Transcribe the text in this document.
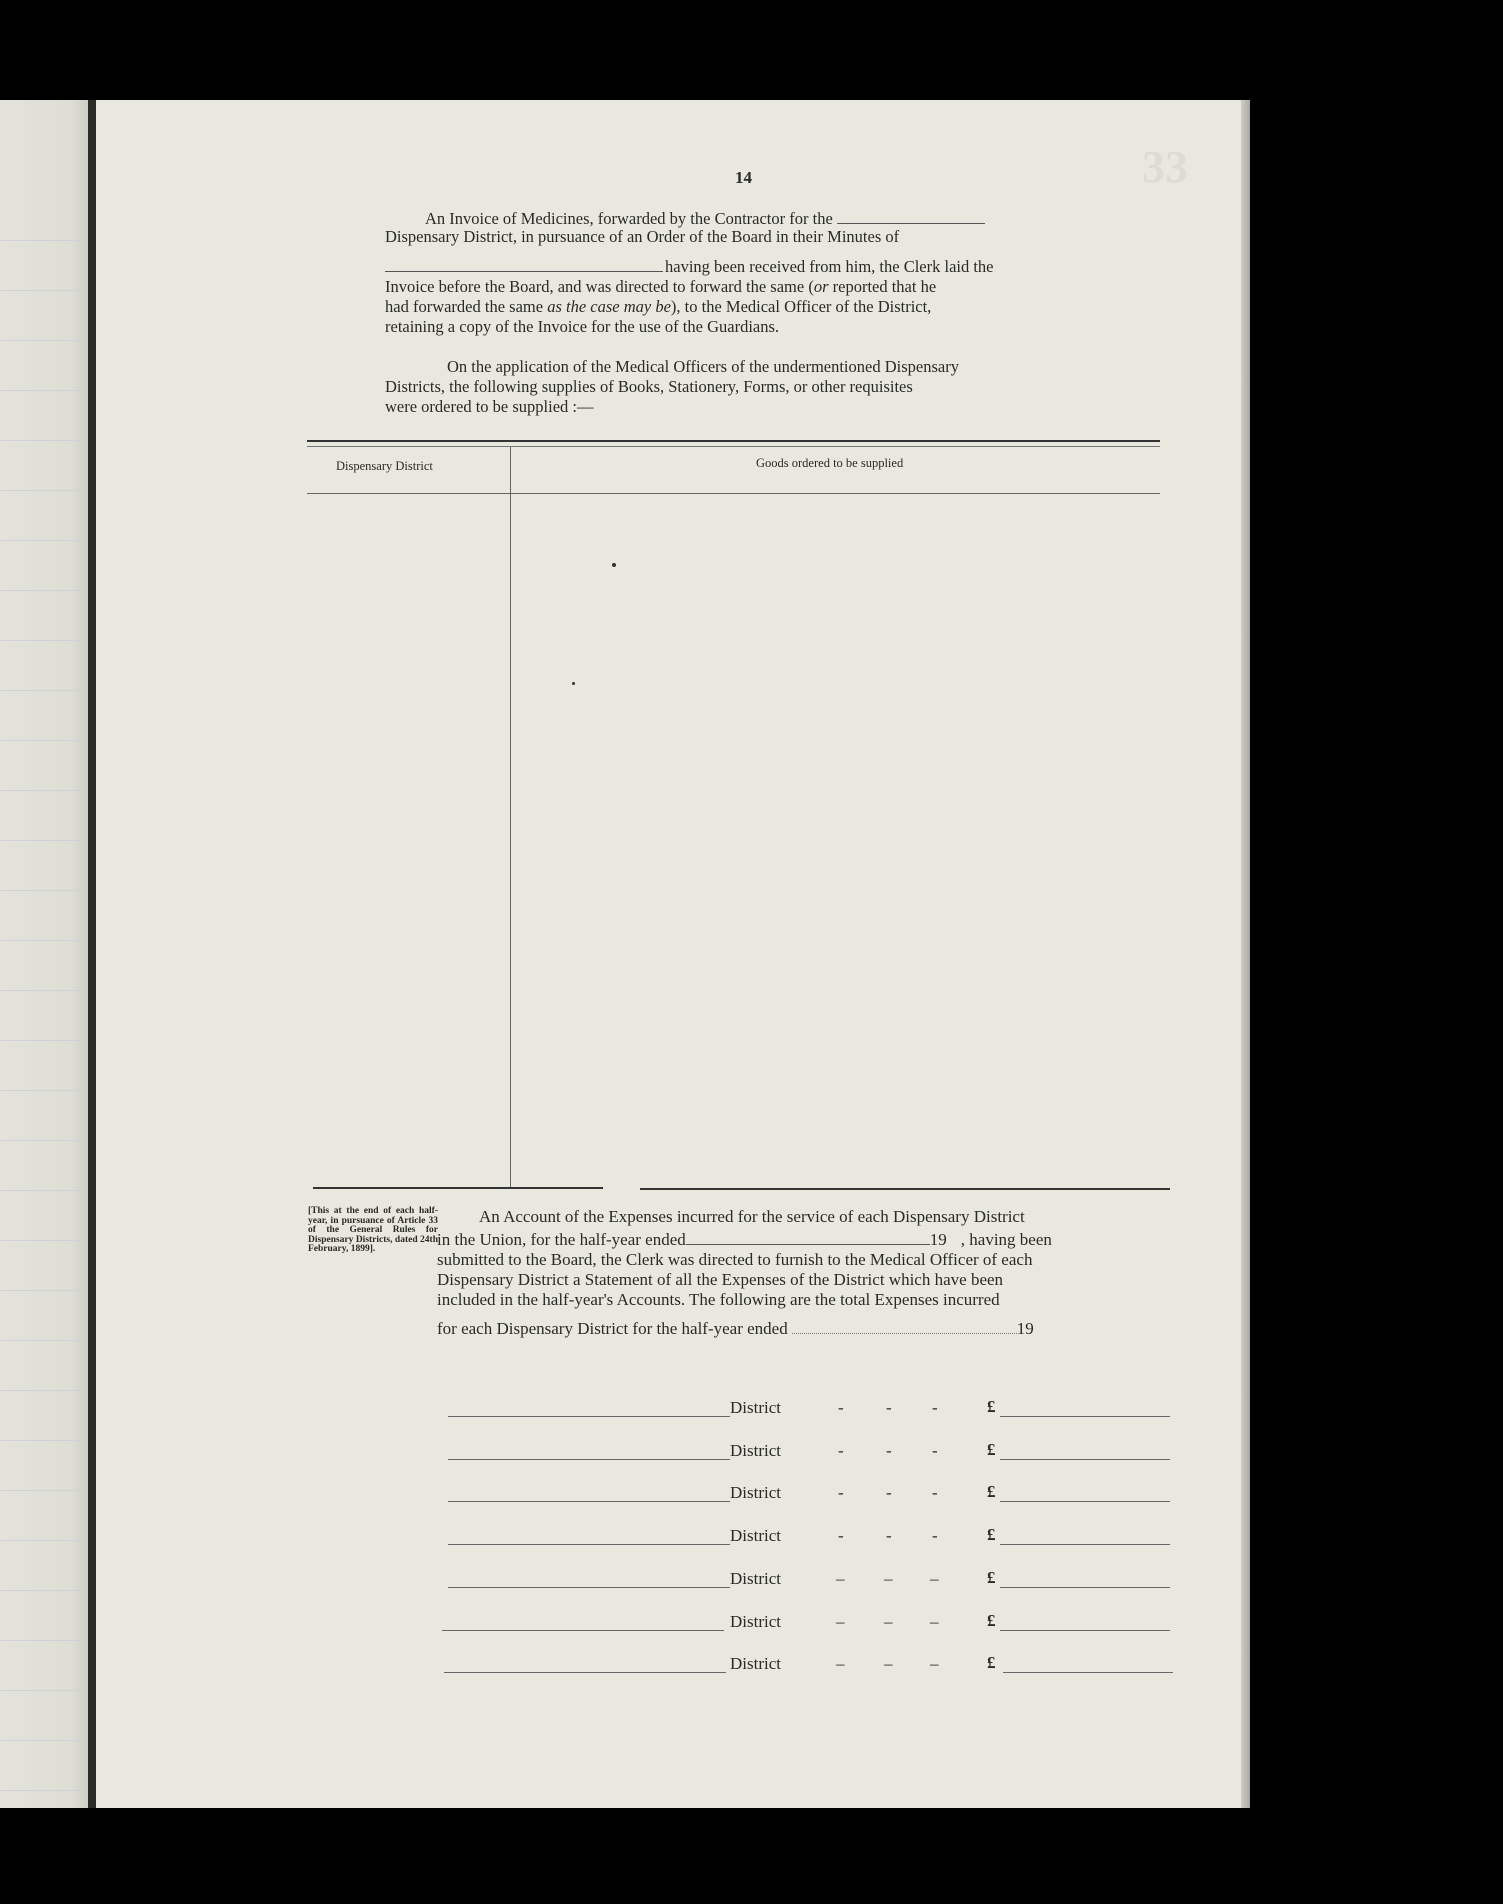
33
14

An Invoice of Medicines, forwarded by the Contractor for the

Dispensary District, in pursuance of an Order of the Board in their Minutes of

having been received from him, the Clerk laid the

Invoice before the Board, and was directed to forward the same (or reported that he

had forwarded the same as the case may be), to the Medical Officer of the District,

retaining a copy of the Invoice for the use of the Guardians.

On the application of the Medical Officers of the undermentioned Dispensary

Districts, the following supplies of Books, Stationery, Forms, or other requisites

were ordered to be supplied :—

Dispensary District	Goods ordered to be supplied
[This at the end of each half-year, in pursuance of Article 33 of the General Rules for Dispensary Districts, dated 24th February, 1899].

An Account of the Expenses incurred for the service of each Dispensary District

in the Union, for the half-year ended	19 , having been

submitted to the Board, the Clerk was directed to furnish to the Medical Officer of each

Dispensary District a Statement of all the Expenses of the District which have been

included in the half-year's Accounts. The following are the total Expenses incurred

for each Dispensary District for the half-year ended	19

District	- - -	£
District	- - -	£
District	- - -	£
District	- - -	£
District	– – –	£
District	– – –	£
District	– – –	£
